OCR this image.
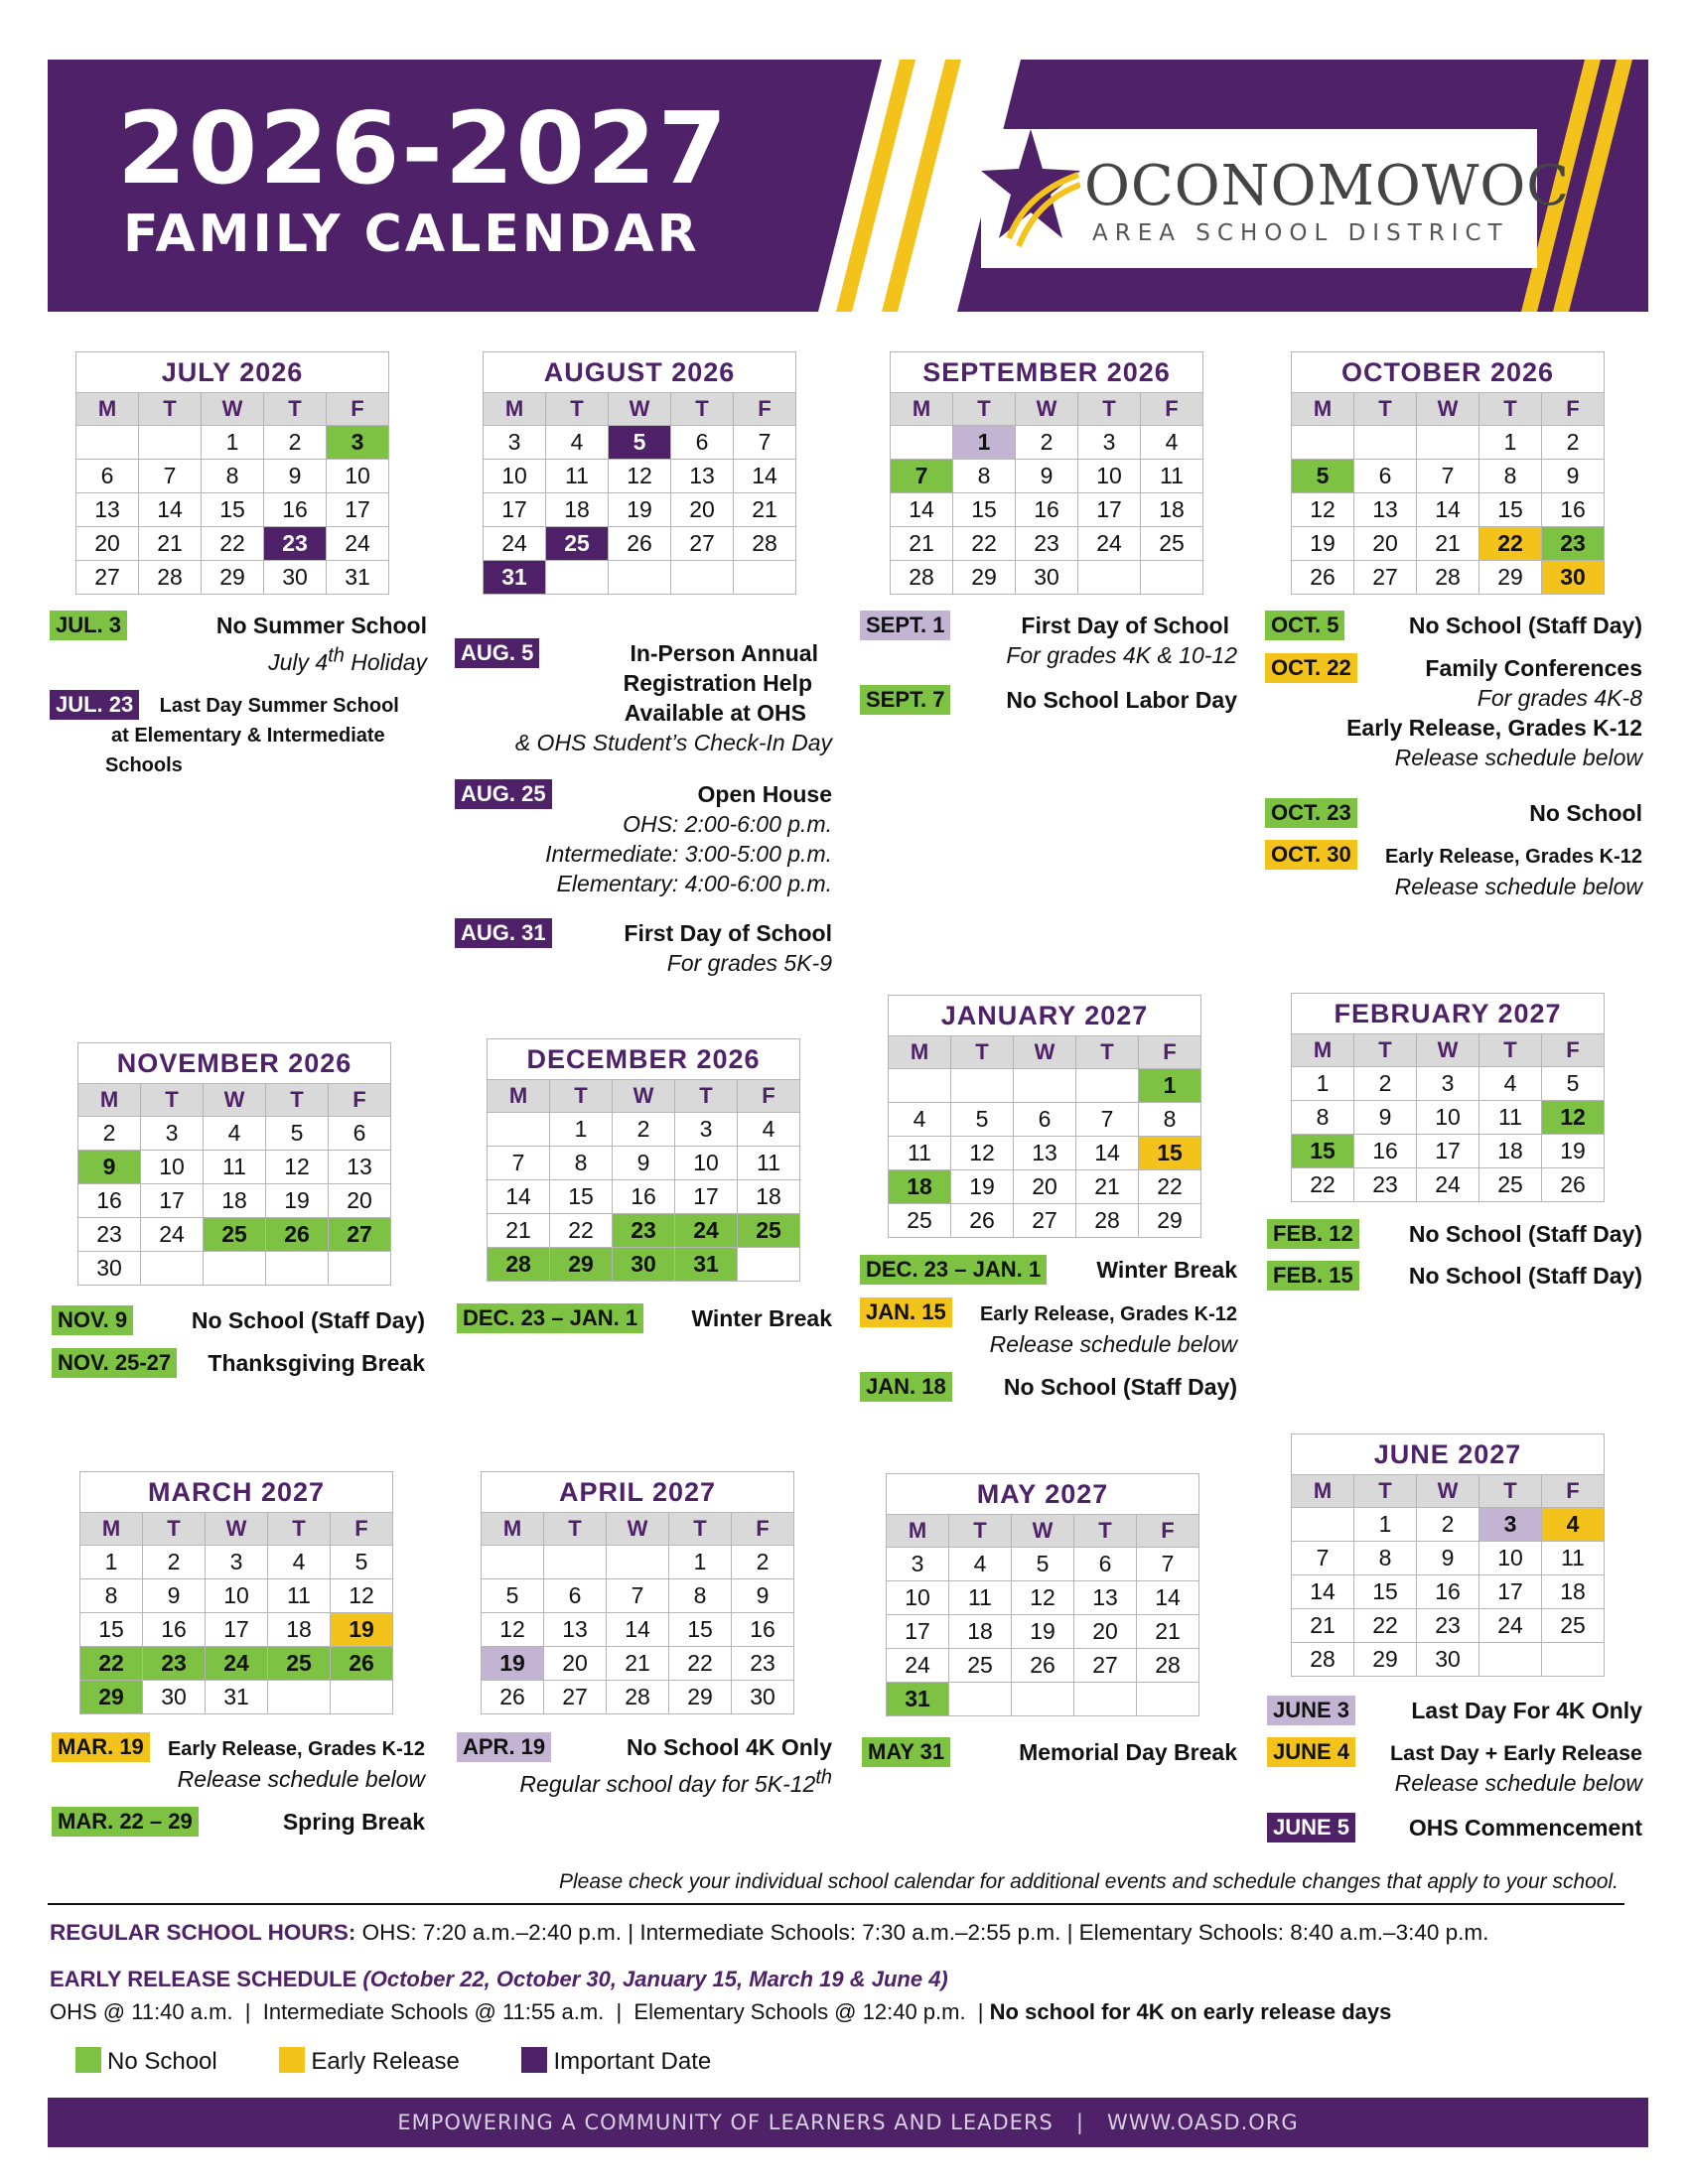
2026-2027
FAMILY CALENDAR
OCONOMOWOC
AREA SCHOOL DISTRICT
JULY 2026				
M	T	W	T	F
		1	2	3
6	7	8	9	10
13	14	15	16	17
20	21	22	23	24
27	28	29	30	31
AUGUST 2026				
M	T	W	T	F
3	4	5	6	7
10	11	12	13	14
17	18	19	20	21
24	25	26	27	28
31				
SEPTEMBER 2026				
M	T	W	T	F
	1	2	3	4
7	8	9	10	11
14	15	16	17	18
21	22	23	24	25
28	29	30		
OCTOBER 2026				
M	T	W	T	F
			1	2
5	6	7	8	9
12	13	14	15	16
19	20	21	22	23
26	27	28	29	30
NOVEMBER 2026				
M	T	W	T	F
2	3	4	5	6
9	10	11	12	13
16	17	18	19	20
23	24	25	26	27
30				
DECEMBER 2026				
M	T	W	T	F
	1	2	3	4
7	8	9	10	11
14	15	16	17	18
21	22	23	24	25
28	29	30	31	
JANUARY 2027				
M	T	W	T	F
				1
4	5	6	7	8
11	12	13	14	15
18	19	20	21	22
25	26	27	28	29
FEBRUARY 2027				
M	T	W	T	F
1	2	3	4	5
8	9	10	11	12
15	16	17	18	19
22	23	24	25	26
MARCH 2027				
M	T	W	T	F
1	2	3	4	5
8	9	10	11	12
15	16	17	18	19
22	23	24	25	26
29	30	31		
APRIL 2027				
M	T	W	T	F
			1	2
5	6	7	8	9
12	13	14	15	16
19	20	21	22	23
26	27	28	29	30
MAY 2027				
M	T	W	T	F
3	4	5	6	7
10	11	12	13	14
17	18	19	20	21
24	25	26	27	28
31				
JUNE 2027				
M	T	W	T	F
	1	2	3	4
7	8	9	10	11
14	15	16	17	18
21	22	23	24	25
28	29	30		
JUL. 3	No Summer School
July 4th Holiday
JUL. 23 Last Day Summer School
at Elementary & Intermediate
Schools
AUG. 5	In-Person Annual
Registration Help
Available at OHS
& OHS Student’s Check-In Day
AUG. 25	Open House
OHS: 2:00-6:00 p.m.
Intermediate: 3:00-5:00 p.m.
Elementary: 4:00-6:00 p.m.
AUG. 31	First Day of School
For grades 5K-9
SEPT. 1	First Day of School
For grades 4K & 10-12
SEPT. 7	No School Labor Day
OCT. 5	No School (Staff Day)
OCT. 22	Family Conferences
For grades 4K-8
Early Release, Grades K-12
Release schedule below
OCT. 23	No School
OCT. 30	Early Release, Grades K-12
Release schedule below
NOV. 9	No School (Staff Day)
NOV. 25-27 Thanksgiving Break
DEC. 23 – JAN. 1 Winter Break
DEC. 23 – JAN. 1 Winter Break
JAN. 15	Early Release, Grades K-12
Release schedule below
JAN. 18	No School (Staff Day)
FEB. 12 No School (Staff Day)
FEB. 15 No School (Staff Day)
MAR. 19	Early Release, Grades K-12
Release schedule below
MAR. 22 – 29	Spring Break
APR. 19	No School 4K Only
Regular school day for 5K-12th
MAY 31	Memorial Day Break
JUNE 3	Last Day For 4K Only
JUNE 4 Last Day + Early Release
Release schedule below
JUNE 5	OHS Commencement
Please check your individual school calendar for additional events and schedule changes that apply to your school.
REGULAR SCHOOL HOURS: OHS: 7:20 a.m.–2:40 p.m. | Intermediate Schools: 7:30 a.m.–2:55 p.m. | Elementary Schools: 8:40 a.m.–3:40 p.m.
EARLY RELEASE SCHEDULE (October 22, October 30, January 15, March 19 & June 4)
OHS @ 11:40 a.m.  |  Intermediate Schools @ 11:55 a.m.  |  Elementary Schools @ 12:40 p.m.  | No school for 4K on early release days
No School	Early Release	Important Date
EMPOWERING A COMMUNITY OF LEARNERS AND LEADERS   |   WWW.OASD.ORG
